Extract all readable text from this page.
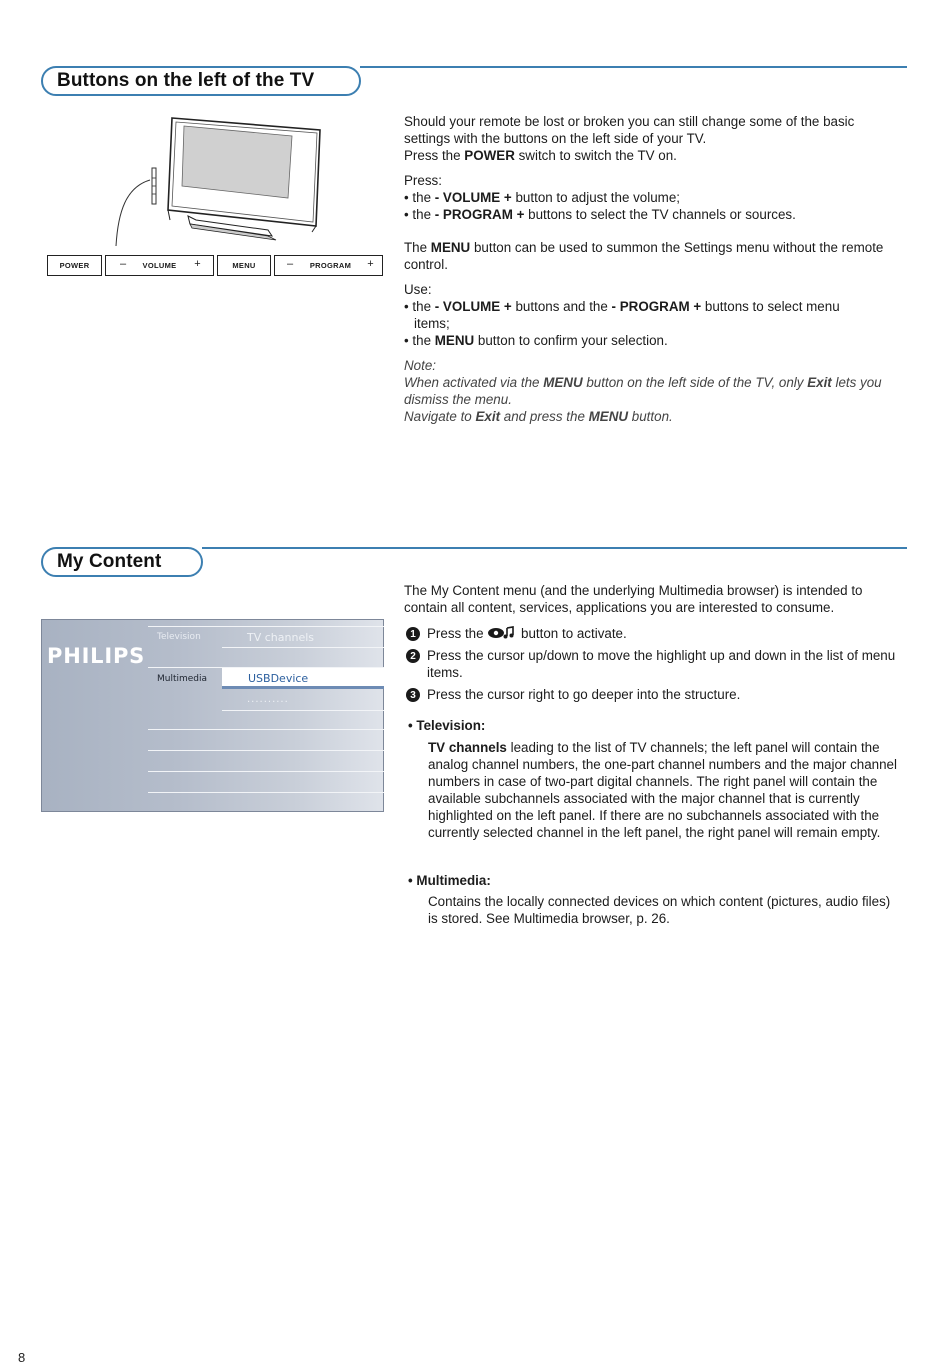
Buttons on the left of the TV
POWER	– VOLUME +	MENU	– PROGRAM +

Should your remote be lost or broken you can still change some of the basic settings with the buttons on the left side of your TV.

Press the POWER switch to switch the TV on.

Press:

• the - VOLUME + button to adjust the volume;

• the - PROGRAM + buttons to select the TV channels or sources.

The MENU button can be used to summon the Settings menu without the remote control.

Use:

• the - VOLUME + buttons and the - PROGRAM + buttons to select menu

items;

• the MENU button to confirm your selection.

Note:

When activated via the MENU button on the left side of the TV, only Exit lets you dismiss the menu.

Navigate to Exit and press the MENU button.

My Content
PHILIPS
Television
Multimedia
TV channels
USBDevice
..........

The My Content menu (and the underlying Multimedia browser) is intended to contain all content, services, applications you are interested to consume.

1 Press the  button to activate.

2 Press the cursor up/down to move the highlight up and down in the list of menu items.

3 Press the cursor right to go deeper into the structure.

• Television:

TV channels leading to the list of TV channels; the left panel will contain the analog channel numbers, the one-part channel numbers and the major channel numbers in case of two-part digital channels. The right panel will contain the available subchannels associated with the major channel that is currently highlighted on the left panel. If there are no subchannels associated with the currently selected channel in the left panel, the right panel will remain empty.

• Multimedia:

Contains the locally connected devices on which content (pictures, audio files) is stored. See Multimedia browser, p. 26.

8
